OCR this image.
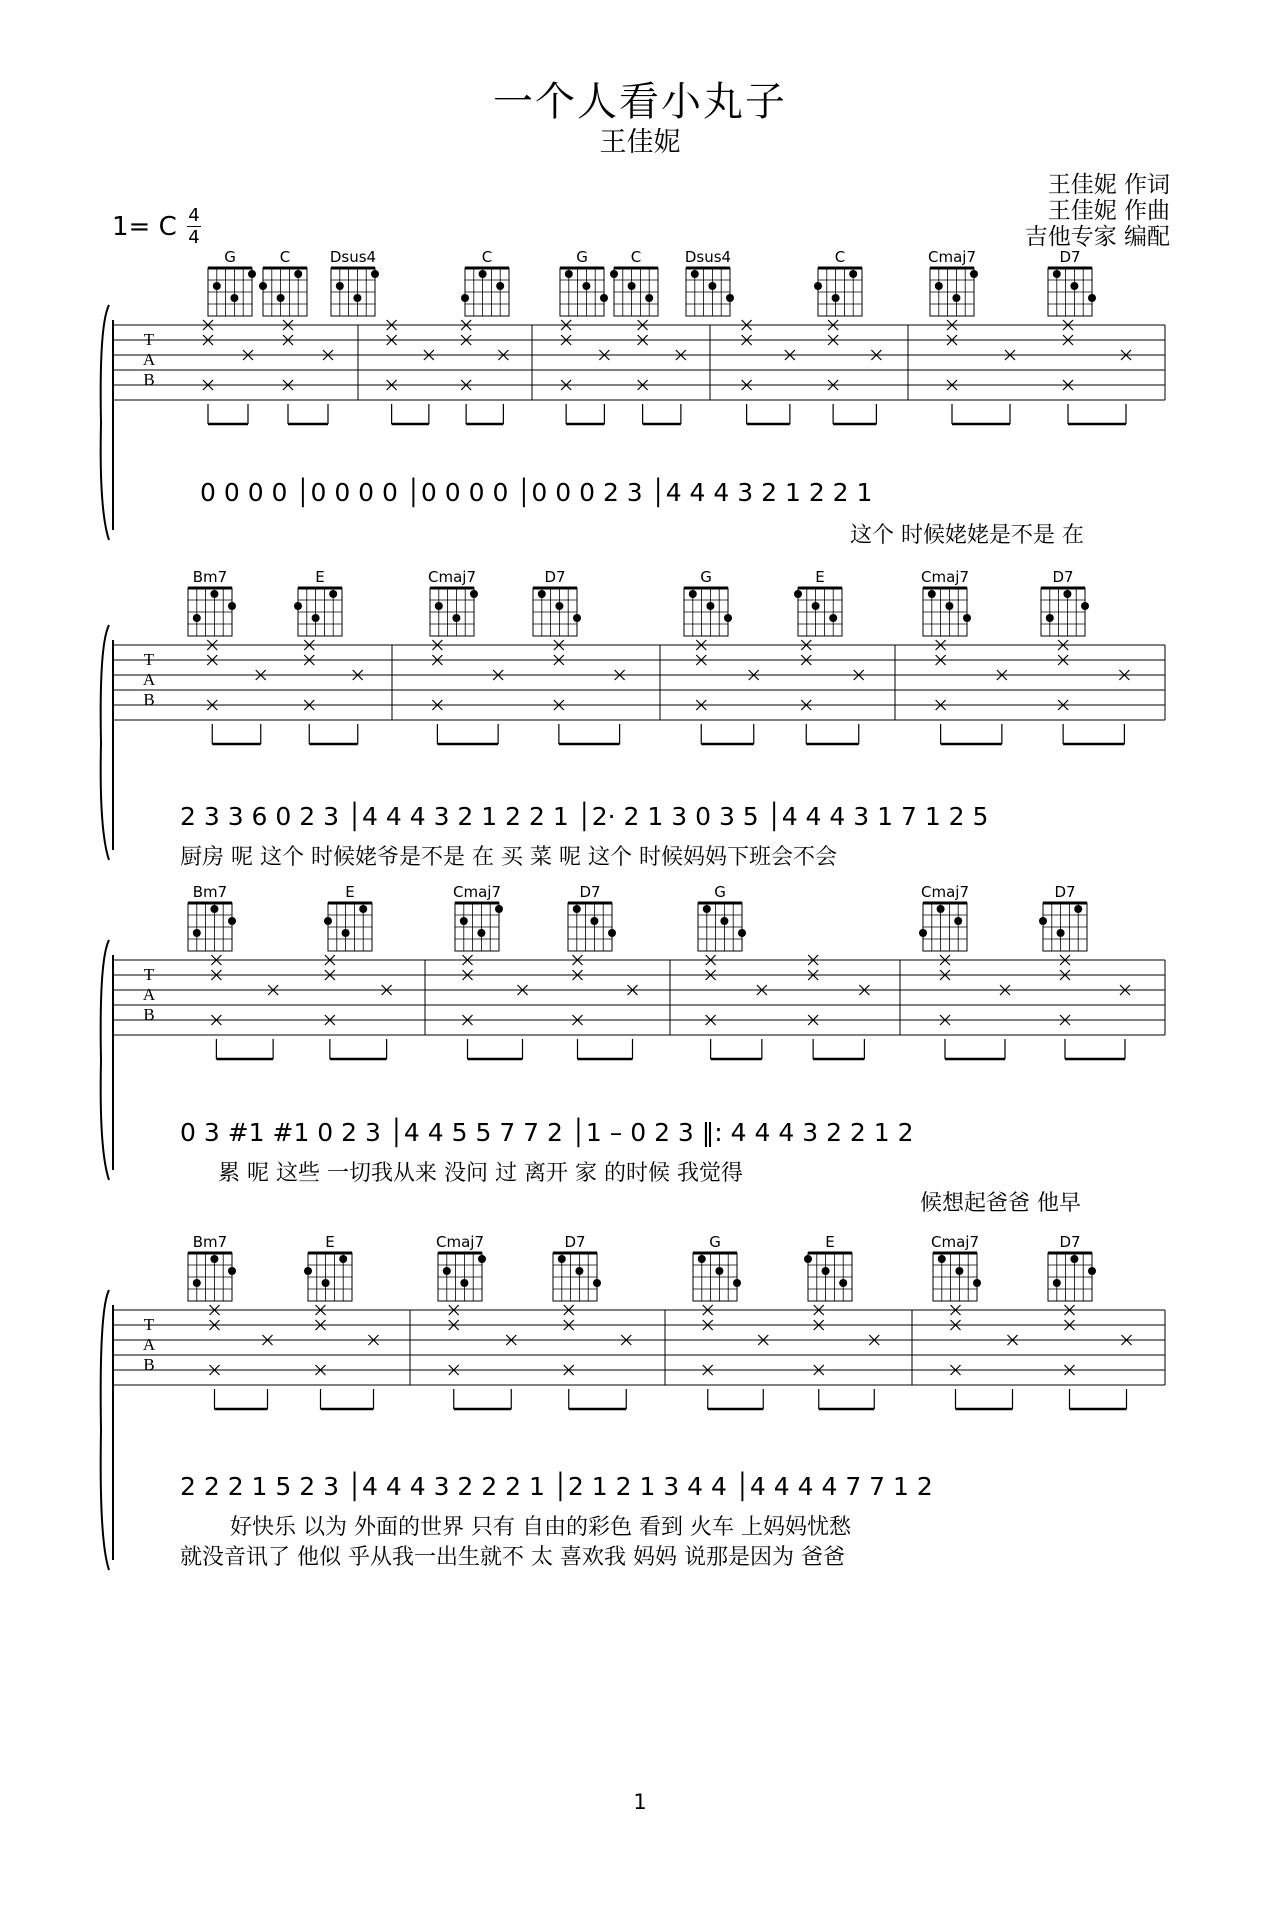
一个人看小丸子
王佳妮
王佳妮 作词
王佳妮 作曲
吉他专家 编配
1= C 4
4
T
A
B
G	C	Dsus4	C	G	C	Dsus4	C	Cmaj7	D7
T
A
B
Bm7	E	Cmaj7	D7	G	E	Cmaj7	D7
T
A
B
Bm7	E	Cmaj7	D7	G	Cmaj7	D7
T
A
B
Bm7	E	Cmaj7	D7	G	E	Cmaj7	D7
0 0 0 0 │0 0 0 0 │0 0 0 0 │0 0 0 2 3 │4 4 4 3 2 1 2 2 1
这个 时候姥姥是不是 在
2 3 3 6 0 2 3 │4 4 4 3 2 1 2 2 1 │2· 2 1 3 0 3 5 │4 4 4 3 1 7 1 2 5
厨房 呢 这个 时候姥爷是不是 在 买 菜 呢 这个 时候妈妈下班会不会
0 3 #1 #1 0 2 3 │4 4 5 5 7 7 2 │1 – 0 2 3 ‖: 4 4 4 3 2 2 1 2
累 呢 这些 一切我从来 没问 过 离开 家 的时候 我觉得
候想起爸爸 他早
2 2 2 1 5 2 3 │4 4 4 3 2 2 2 1 │2 1 2 1 3 4 4 │4 4 4 4 7 7 1 2
好快乐 以为 外面的世界 只有 自由的彩色 看到 火车 上妈妈忧愁
就没音讯了 他似 乎从我一出生就不 太 喜欢我 妈妈 说那是因为 爸爸
1
